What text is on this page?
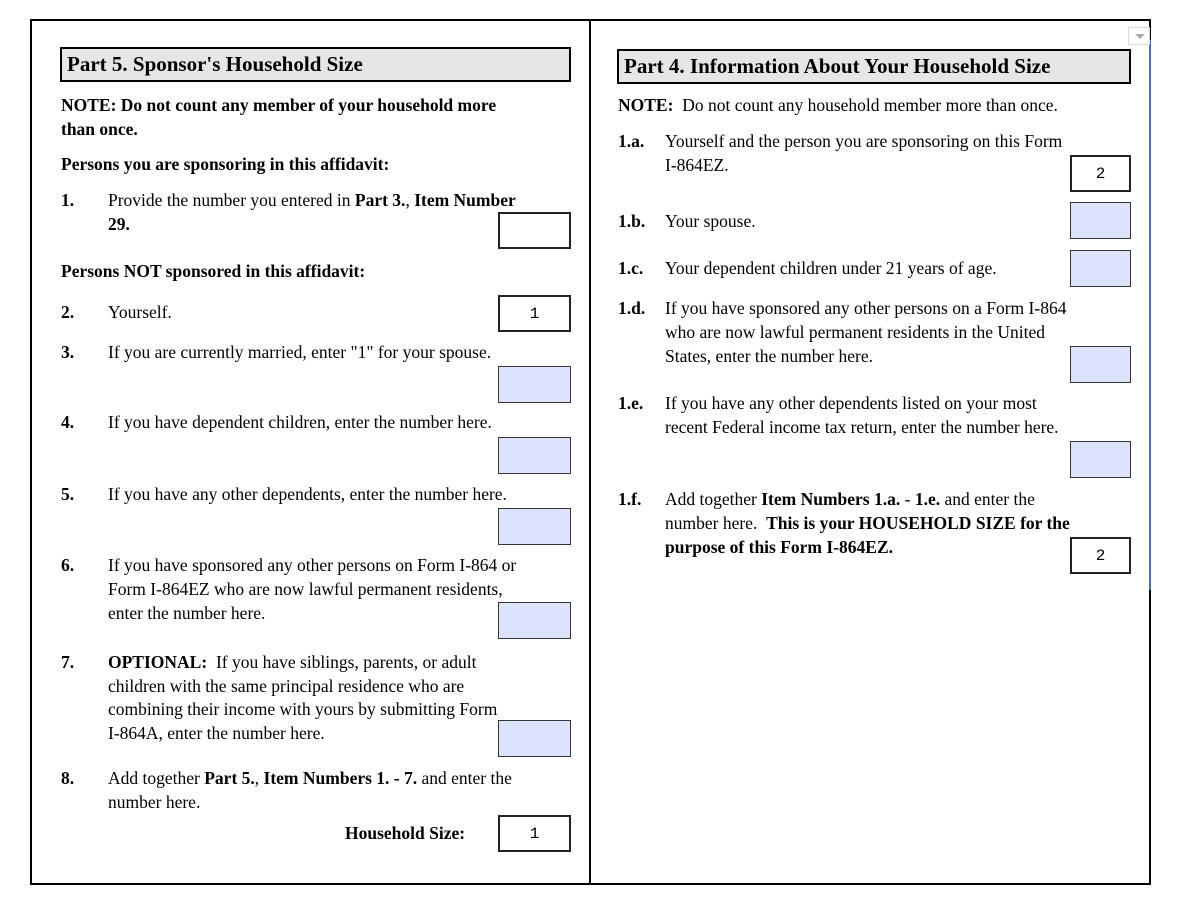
Part 5. Sponsor's Household Size
NOTE: Do not count any member of your household more
than once.
Persons you are sponsoring in this affidavit:
1. Provide the number you entered in Part 3., Item Number
29.
Persons NOT sponsored in this affidavit:
2. Yourself.	1
3. If you are currently married, enter "1" for your spouse.
4. If you have dependent children, enter the number here.
5. If you have any other dependents, enter the number here.
6. If you have sponsored any other persons on Form I-864 or
Form I-864EZ who are now lawful permanent residents,
enter the number here.
7. OPTIONAL:  If you have siblings, parents, or adult
children with the same principal residence who are
combining their income with yours by submitting Form
I-864A, enter the number here.
8. Add together Part 5., Item Numbers 1. - 7. and enter the
number here.
Household Size:	1
Part 4. Information About Your Household Size
NOTE:  Do not count any household member more than once.
1.a. Yourself and the person you are sponsoring on this Form
I-864EZ.	2
1.b. Your spouse.
1.c. Your dependent children under 21 years of age.
1.d. If you have sponsored any other persons on a Form I-864
who are now lawful permanent residents in the United
States, enter the number here.
1.e. If you have any other dependents listed on your most
recent Federal income tax return, enter the number here.
1.f. Add together Item Numbers 1.a. - 1.e. and enter the
number here.  This is your HOUSEHOLD SIZE for the
purpose of this Form I-864EZ.	2
